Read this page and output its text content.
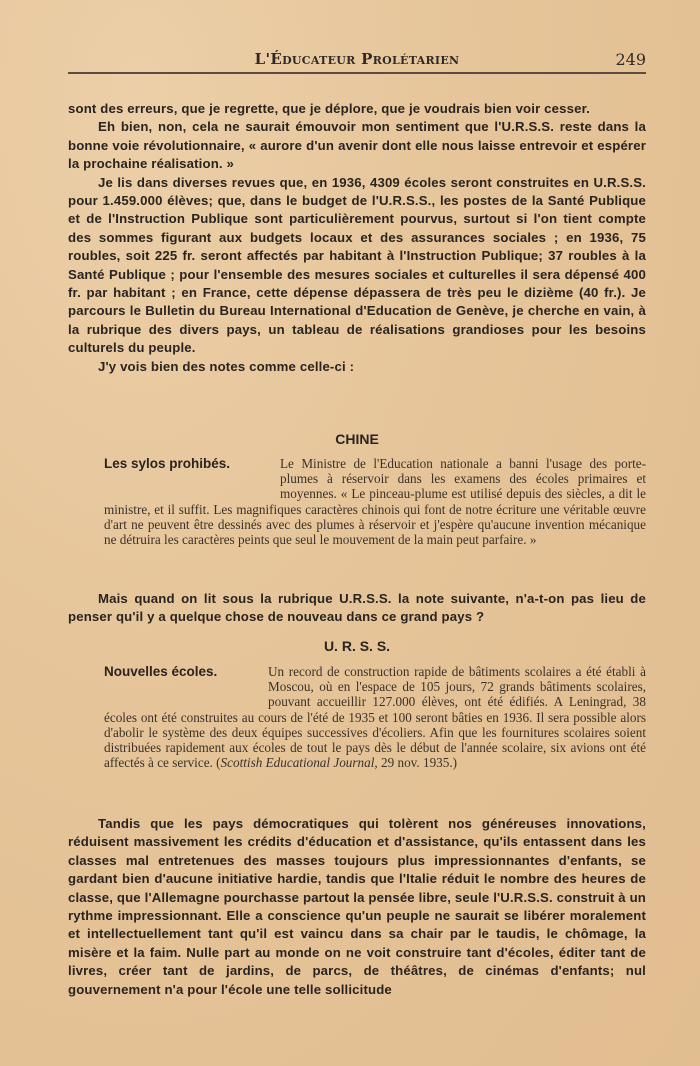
L'Éducateur Prolétarien	249

sont des erreurs, que je regrette, que je déplore, que je voudrais bien voir cesser.

Eh bien, non, cela ne saurait émouvoir mon sentiment que l'U.R.S.S. reste dans la bonne voie révolutionnaire, « aurore d'un avenir dont elle nous laisse entrevoir et espérer la prochaine réalisation. »

Je lis dans diverses revues que, en 1936, 4309 écoles seront construites en U.R.S.S. pour 1.459.000 élèves; que, dans le budget de l'U.R.S.S., les postes de la Santé Publique et de l'Instruction Publique sont particulièrement pourvus, surtout si l'on tient compte des sommes figurant aux budgets locaux et des assurances sociales ; en 1936, 75 roubles, soit 225 fr. seront affectés par habitant à l'Instruction Publique; 37 roubles à la Santé Publique ; pour l'ensemble des mesures sociales et culturelles il sera dépensé 400 fr. par habitant ; en France, cette dépense dépassera de très peu le dizième (40 fr.). Je parcours le Bulletin du Bureau International d'Education de Genève, je cherche en vain, à la rubrique des divers pays, un tableau de réalisations grandioses pour les besoins culturels du peuple.

J'y vois bien des notes comme celle-ci :

CHINE
Les sylos prohibés.	Le Ministre de l'Education nationale a banni l'usage des porte-plumes à réservoir dans les examens des écoles primaires et moyennes. « Le pinceau-plume est utilisé depuis des siècles, a dit le ministre, et il suffit. Les magnifiques caractères chinois qui font de notre écriture une véritable œuvre d'art ne peuvent être dessinés avec des plumes à réservoir et j'espère qu'aucune invention mécanique ne détruira les caractères peints que seul le mouvement de la main peut parfaire. »
Mais quand on lit sous la rubrique U.R.S.S. la note suivante, n'a-t-on pas lieu de penser qu'il y a quelque chose de nouveau dans ce grand pays ?
U. R. S. S.
Nouvelles écoles.	Un record de construction rapide de bâtiments scolaires a été établi à Moscou, où en l'espace de 105 jours, 72 grands bâtiments scolaires, pouvant accueillir 127.000 élèves, ont été édifiés. A Leningrad, 38 écoles ont été construites au cours de l'été de 1935 et 100 seront bâties en 1936. Il sera possible alors d'abolir le système des deux équipes successives d'écoliers. Afin que les fournitures scolaires soient distribuées rapidement aux écoles de tout le pays dès le début de l'année scolaire, six avions ont été affectés à ce service. (Scottish Educational Journal, 29 nov. 1935.)
Tandis que les pays démocratiques qui tolèrent nos généreuses innovations, réduisent massivement les crédits d'éducation et d'assistance, qu'ils entassent dans les classes mal entretenues des masses toujours plus impressionnantes d'enfants, se gardant bien d'aucune initiative hardie, tandis que l'Italie réduit le nombre des heures de classe, que l'Allemagne pourchasse partout la pensée libre, seule l'U.R.S.S. construit à un rythme impressionnant. Elle a conscience qu'un peuple ne saurait se libérer moralement et intellectuellement tant qu'il est vaincu dans sa chair par le taudis, le chômage, la misère et la faim. Nulle part au monde on ne voit construire tant d'écoles, éditer tant de livres, créer tant de jardins, de parcs, de théâtres, de cinémas d'enfants; nul gouvernement n'a pour l'école une telle sollicitude
